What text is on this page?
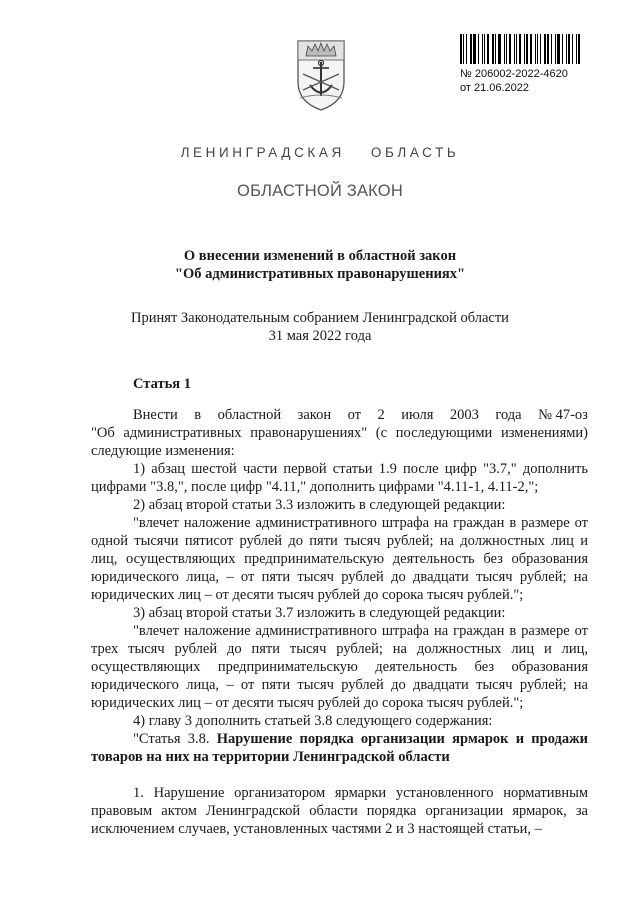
№ 206002-2022-4620
от 21.06.2022
ЛЕНИНГРАДСКАЯ ОБЛАСТЬ
ОБЛАСТНОЙ ЗАКОН
О внесении изменений в областной закон
"Об административных правонарушениях"
Принят Законодательным собранием Ленинградской области
31 мая 2022 года
Статья 1
Внести в областной закон от 2 июля 2003 года № 47-оз

"Об административных правонарушениях" (с последующими изменениями) следующие изменения:

1) абзац шестой части первой статьи 1.9 после цифр "3.7," дополнить цифрами "3.8,", после цифр "4.11," дополнить цифрами "4.11-1, 4.11-2,";

2) абзац второй статьи 3.3 изложить в следующей редакции:

"влечет наложение административного штрафа на граждан в размере от одной тысячи пятисот рублей до пяти тысяч рублей; на должностных лиц и лиц, осуществляющих предпринимательскую деятельность без образования юридического лица, – от пяти тысяч рублей до двадцати тысяч рублей; на юридических лиц – от десяти тысяч рублей до сорока тысяч рублей.";

3) абзац второй статьи 3.7 изложить в следующей редакции:

"влечет наложение административного штрафа на граждан в размере от трех тысяч рублей до пяти тысяч рублей; на должностных лиц и лиц, осуществляющих предпринимательскую деятельность без образования юридического лица, – от пяти тысяч рублей до двадцати тысяч рублей; на юридических лиц – от десяти тысяч рублей до сорока тысяч рублей.";

4) главу 3 дополнить статьей 3.8 следующего содержания:

"Статья 3.8. Нарушение порядка организации ярмарок и продажи товаров на них на территории Ленинградской области

1. Нарушение организатором ярмарки установленного нормативным правовым актом Ленинградской области порядка организации ярмарок, за исключением случаев, установленных частями 2 и 3 настоящей статьи, –
